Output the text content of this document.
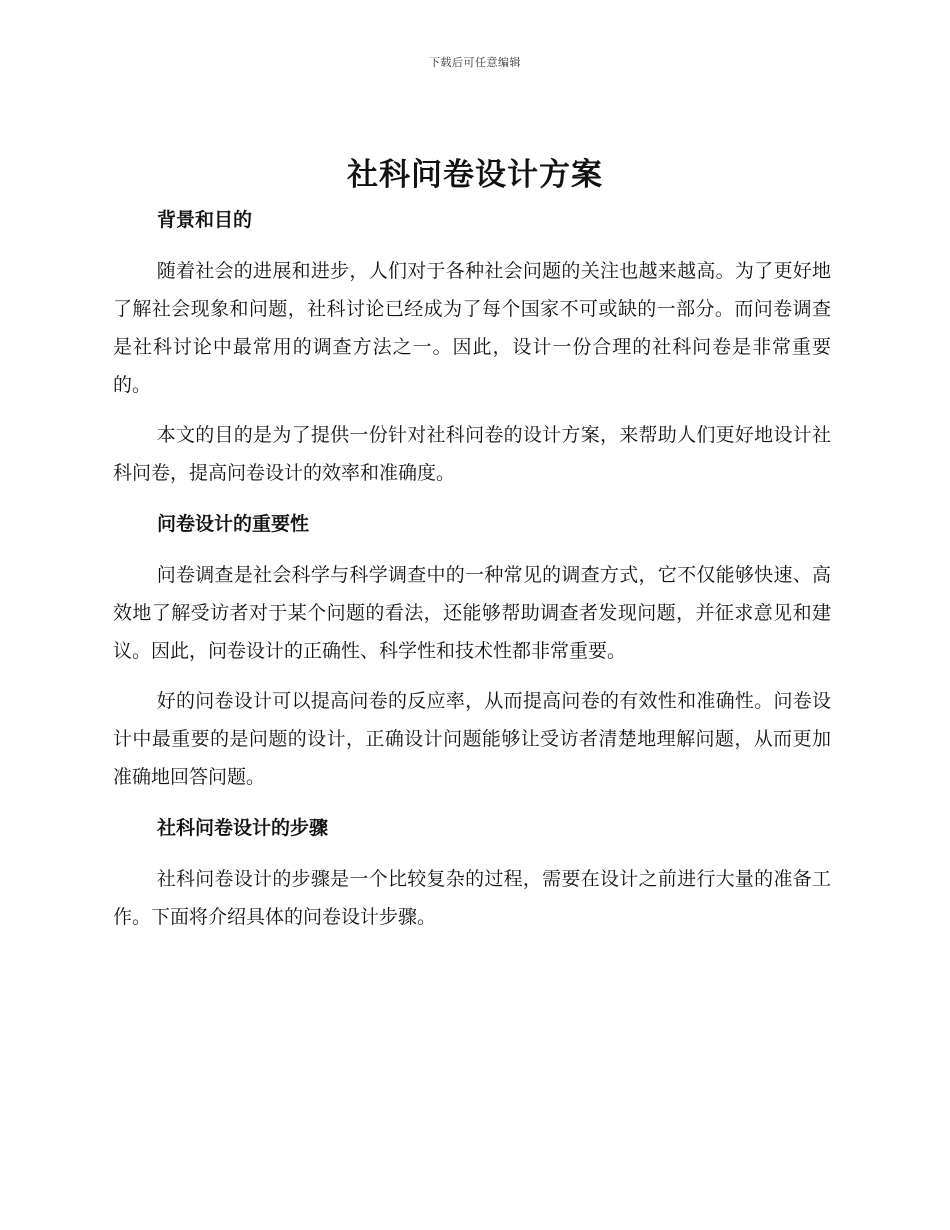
下载后可任意编辑
社科问卷设计方案
背景和目的

随着社会的进展和进步，人们对于各种社会问题的关注也越来越高。为了更好地了解社会现象和问题，社科讨论已经成为了每个国家不可或缺的一部分。而问卷调查是社科讨论中最常用的调查方法之一。因此，设计一份合理的社科问卷是非常重要的。

本文的目的是为了提供一份针对社科问卷的设计方案，来帮助人们更好地设计社科问卷，提高问卷设计的效率和准确度。

问卷设计的重要性

问卷调查是社会科学与科学调查中的一种常见的调查方式，它不仅能够快速、高效地了解受访者对于某个问题的看法，还能够帮助调查者发现问题，并征求意见和建议。因此，问卷设计的正确性、科学性和技术性都非常重要。

好的问卷设计可以提高问卷的反应率，从而提高问卷的有效性和准确性。问卷设计中最重要的是问题的设计，正确设计问题能够让受访者清楚地理解问题，从而更加准确地回答问题。

社科问卷设计的步骤

社科问卷设计的步骤是一个比较复杂的过程，需要在设计之前进行大量的准备工作。下面将介绍具体的问卷设计步骤。
